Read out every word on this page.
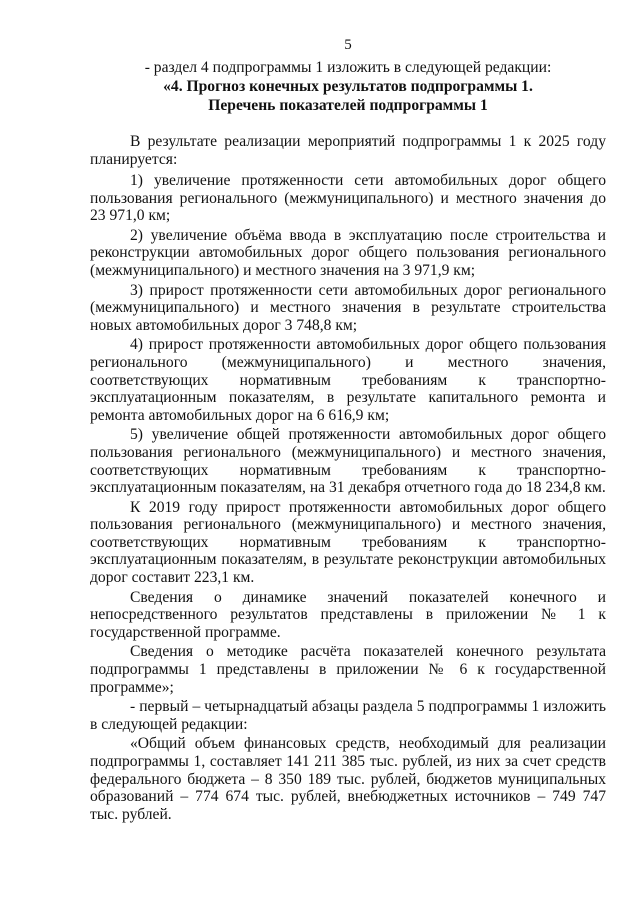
5

- раздел 4 подпрограммы 1 изложить в следующей редакции:

«4. Прогноз конечных результатов подпрограммы 1.

Перечень показателей подпрограммы 1

В результате реализации мероприятий подпрограммы 1 к 2025 году планируется:

1) увеличение протяженности сети автомобильных дорог общего пользования регионального (межмуниципального) и местного значения до 23 971,0 км;

2) увеличение объёма ввода в эксплуатацию после строительства и реконструкции автомобильных дорог общего пользования регионального (межмуниципального) и местного значения на 3 971,9 км;

3) прирост протяженности сети автомобильных дорог регионального (межмуниципального) и местного значения в результате строительства новых автомобильных дорог 3 748,8 км;

4) прирост протяженности автомобильных дорог общего пользования регионального (межмуниципального) и местного значения, соответствующих нормативным требованиям к транспортно-эксплуатационным показателям, в результате капитального ремонта и ремонта автомобильных дорог на 6 616,9 км;

5) увеличение общей протяженности автомобильных дорог общего пользования регионального (межмуниципального) и местного значения, соответствующих нормативным требованиям к транспортно-эксплуатационным показателям, на 31 декабря отчетного года до 18 234,8 км.

К 2019 году прирост протяженности автомобильных дорог общего пользования регионального (межмуниципального) и местного значения, соответствующих нормативным требованиям к транспортно-эксплуатационным показателям, в результате реконструкции автомобильных дорог составит 223,1 км.

Сведения о динамике значений показателей конечного и непосредственного результатов представлены в приложении № 1 к государственной программе.

Сведения о методике расчёта показателей конечного результата подпрограммы 1 представлены в приложении № 6 к государственной программе»;

- первый – четырнадцатый абзацы раздела 5 подпрограммы 1 изложить в следующей редакции:

«Общий объем финансовых средств, необходимый для реализации подпрограммы 1, составляет 141 211 385 тыс. рублей, из них за счет средств федерального бюджета – 8 350 189 тыс. рублей, бюджетов муниципальных образований – 774 674 тыс. рублей, внебюджетных источников – 749 747 тыс. рублей.
